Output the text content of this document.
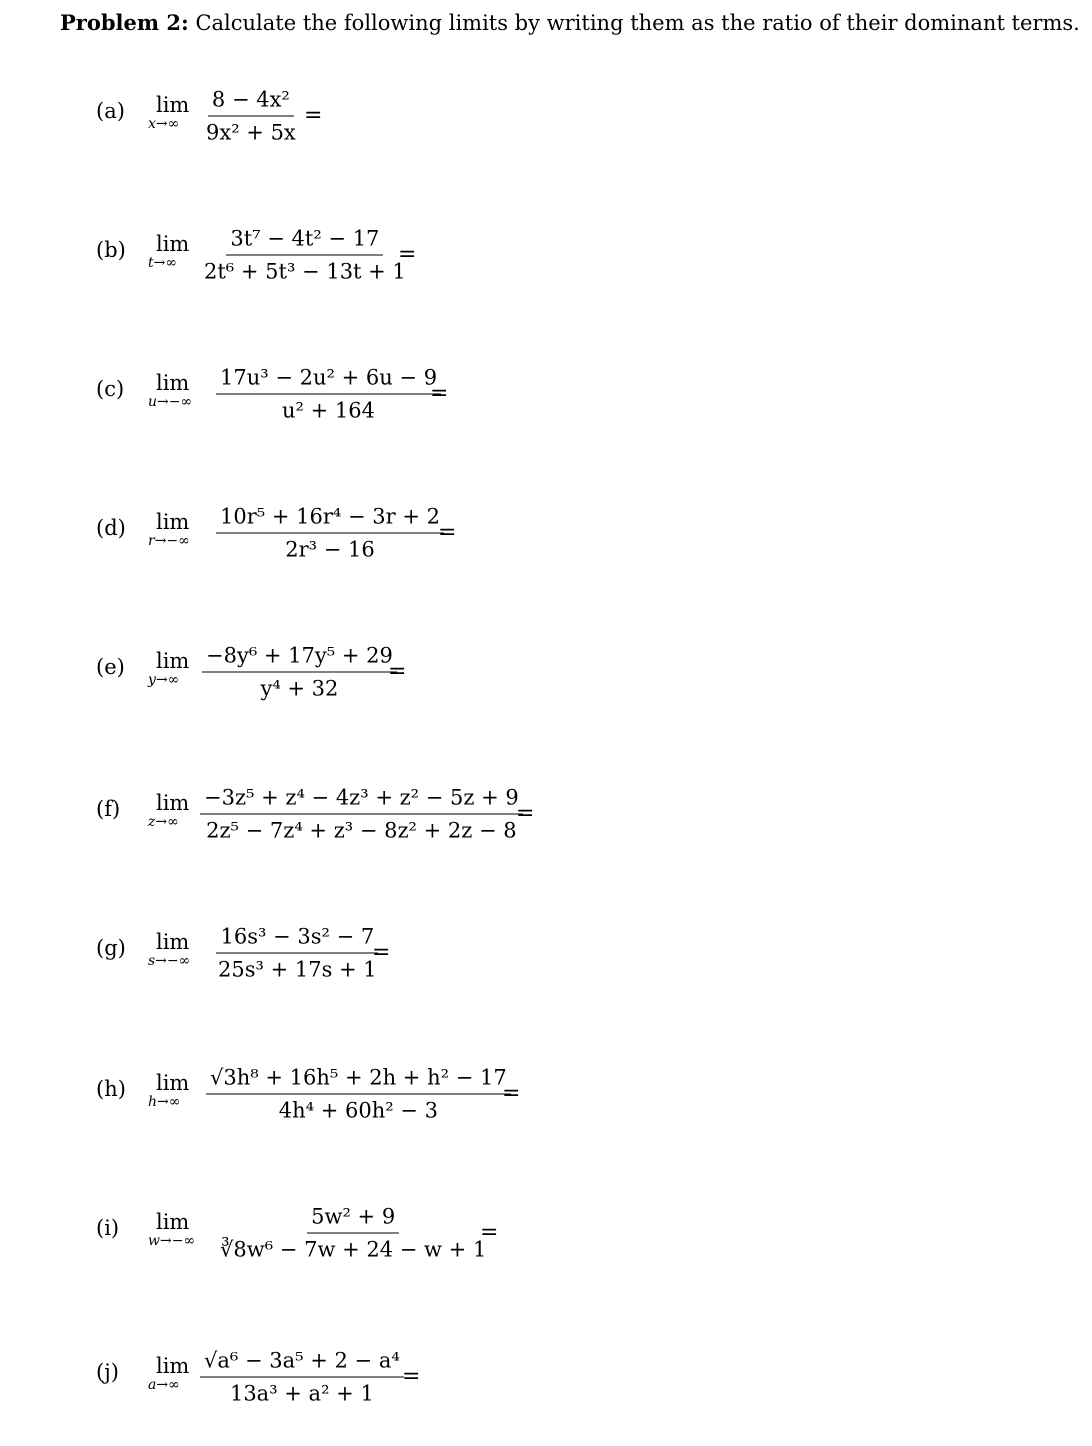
Problem 2: Calculate the following limits by writing them as the ratio of their dominant terms.
(a)	lim
x→∞	$\frac{\text{8 − 4x²}}{\text{9x² + 5x}}$ =
(b)	lim
t→∞	$\frac{\text{3t⁷ − 4t² − 17}}{\text{2t⁶ + 5t³ − 13t + 1}}$
=
(c)	lim
u→−∞	$\frac{\text{17u³ − 2u² + 6u − 9}}{\text{u² + 164}}$
=
(d)	lim
r→−∞	$\frac{\text{10r⁵ + 16r⁴ − 3r + 2}}{\text{2r³ − 16}}$
=
(e)	lim
y→∞	$\frac{\text{−8y⁶ + 17y⁵ + 29}}{\text{y⁴ + 32}}$
=
(f)	lim
z→∞	$\frac{\text{−3z⁵ + z⁴ − 4z³ + z² − 5z + 9}}{\text{2z⁵ − 7z⁴ + z³ − 8z² + 2z − 8}}$
=
(g)	lim
s→−∞	$\frac{\text{16s³ − 3s² − 7}}{\text{25s³ + 17s + 1}}$
=
(h)	lim
h→∞	$\frac{\text{√3h⁸ + 16h⁵ + 2h + h² − 17}}{\text{4h⁴ + 60h² − 3}}$
=
(i)	lim
$w\to-\infty \frac{\text{5w² + 9}}{\text{∛8w⁶ − 7w + 24 − w + 1}}$
=
(j)	lim
$a\to\infty \frac{\text{√a⁶ − 3a⁵ + 2 − a⁴}}{\text{13a³ + a² + 1}}$
=
